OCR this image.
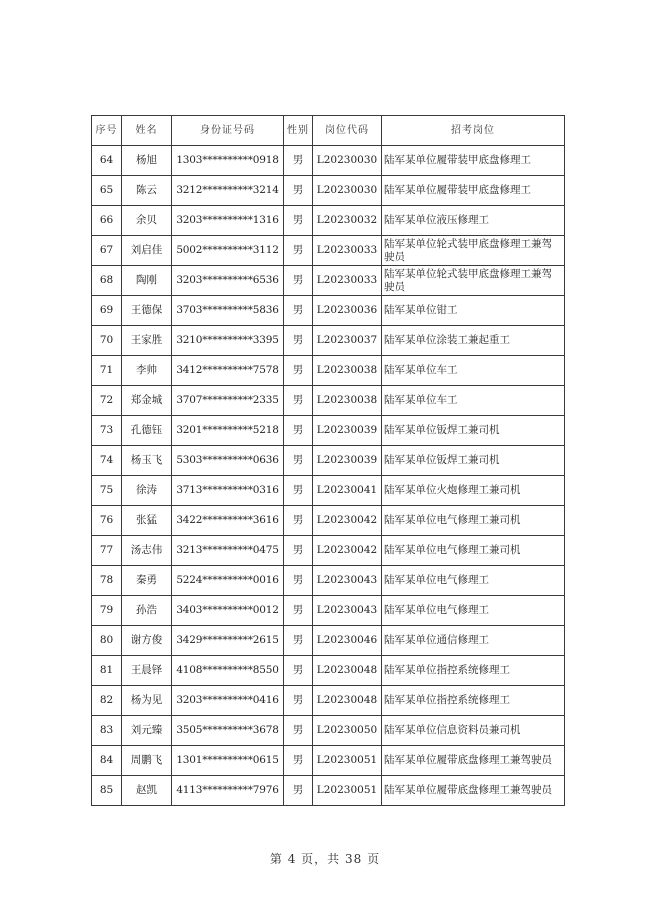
序号	姓名	身份证号码	性别	岗位代码	招考岗位
64	杨旭	1303**********0918	男	L20230030	陆军某单位履带装甲底盘修理工
65	陈云	3212**********3214	男	L20230030	陆军某单位履带装甲底盘修理工
66	余贝	3203**********1316	男	L20230032	陆军某单位液压修理工
67	刘启佳	5002**********3112	男	L20230033	陆军某单位轮式装甲底盘修理工兼驾驶员
68	陶刚	3203**********6536	男	L20230033	陆军某单位轮式装甲底盘修理工兼驾驶员
69	王德保	3703**********5836	男	L20230036	陆军某单位钳工
70	王家胜	3210**********3395	男	L20230037	陆军某单位涂装工兼起重工
71	李帅	3412**********7578	男	L20230038	陆军某单位车工
72	郑金城	3707**********2335	男	L20230038	陆军某单位车工
73	孔德钰	3201**********5218	男	L20230039	陆军某单位钣焊工兼司机
74	杨玉飞	5303**********0636	男	L20230039	陆军某单位钣焊工兼司机
75	徐涛	3713**********0316	男	L20230041	陆军某单位火炮修理工兼司机
76	张猛	3422**********3616	男	L20230042	陆军某单位电气修理工兼司机
77	汤志伟	3213**********0475	男	L20230042	陆军某单位电气修理工兼司机
78	秦勇	5224**********0016	男	L20230043	陆军某单位电气修理工
79	孙浩	3403**********0012	男	L20230043	陆军某单位电气修理工
80	谢方俊	3429**********2615	男	L20230046	陆军某单位通信修理工
81	王晨铎	4108**********8550	男	L20230048	陆军某单位指控系统修理工
82	杨为见	3203**********0416	男	L20230048	陆军某单位指控系统修理工
83	刘元臻	3505**********3678	男	L20230050	陆军某单位信息资料员兼司机
84	周鹏飞	1301**********0615	男	L20230051	陆军某单位履带底盘修理工兼驾驶员
85	赵凯	4113**********7976	男	L20230051	陆军某单位履带底盘修理工兼驾驶员
第 4 页，共 38 页
